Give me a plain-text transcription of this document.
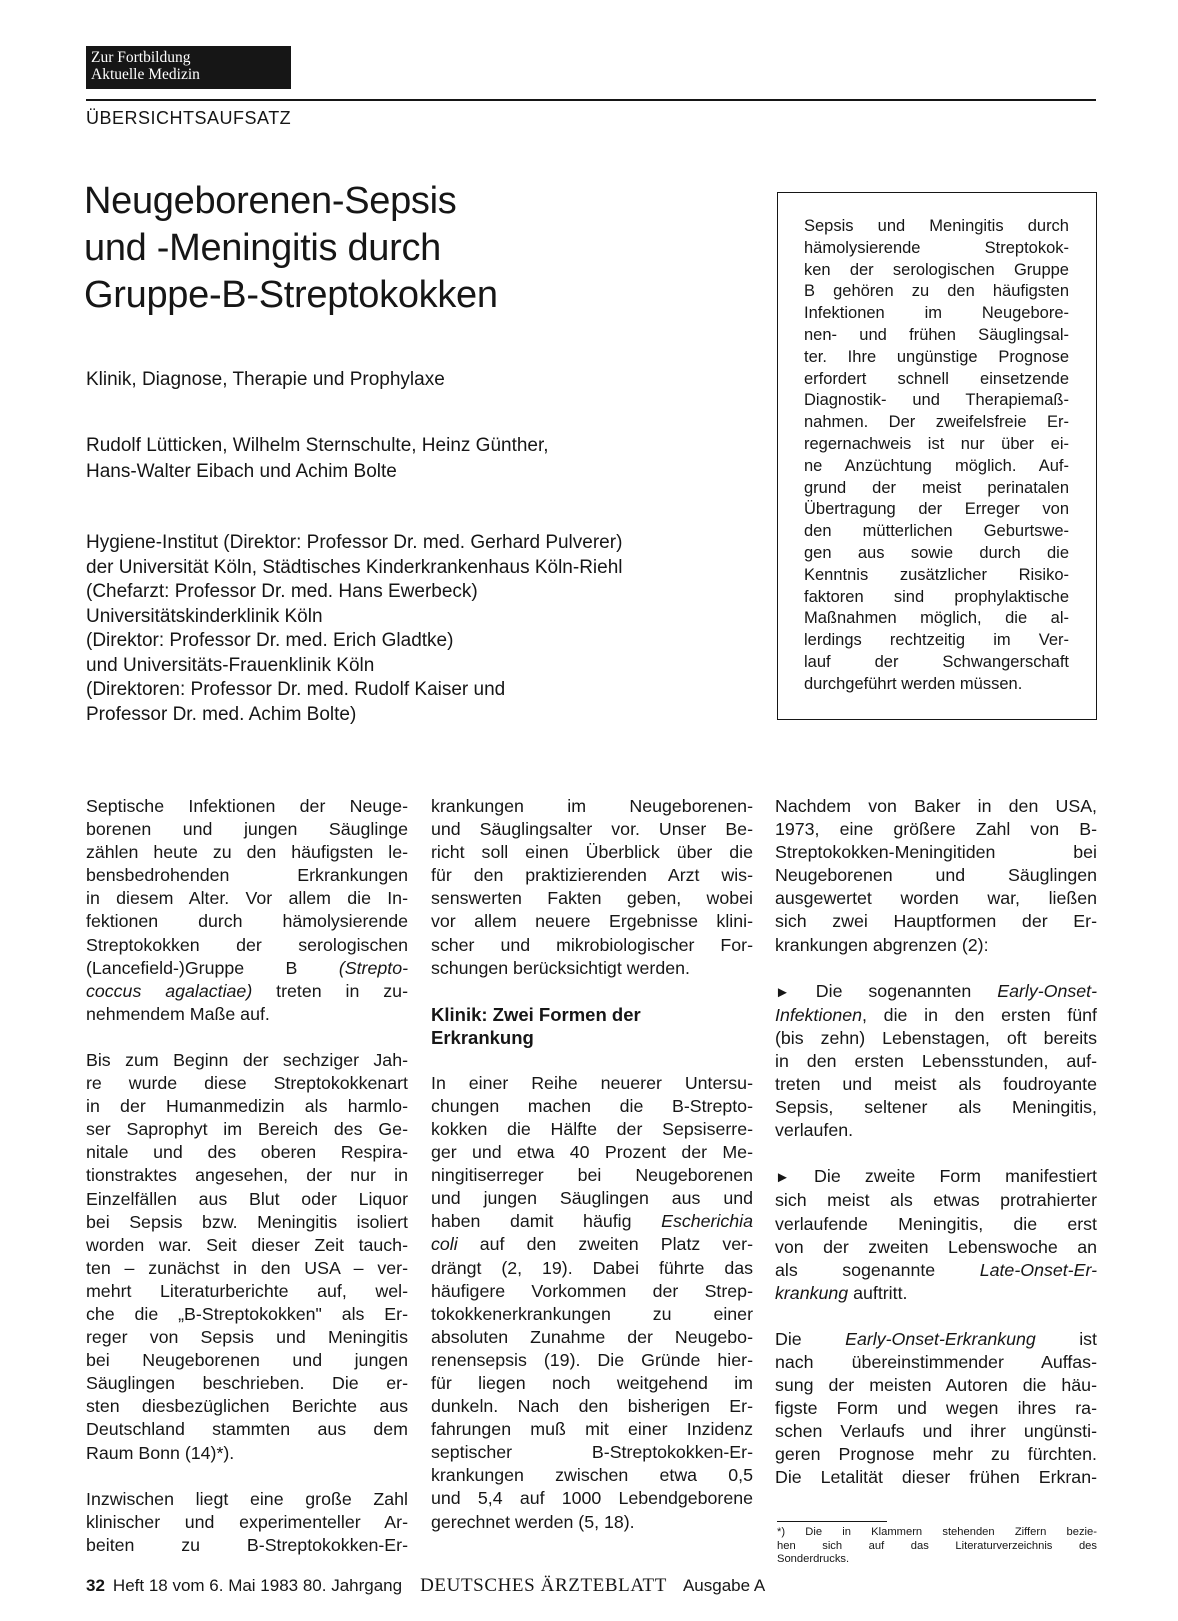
Zur Fortbildung
Aktuelle Medizin
ÜBERSICHTSAUFSATZ
Neugeborenen-Sepsis
und -Meningitis durch
Gruppe-B-Streptokokken
Klinik, Diagnose, Therapie und Prophylaxe
Rudolf Lütticken, Wilhelm Sternschulte, Heinz Günther,
Hans-Walter Eibach und Achim Bolte
Hygiene-Institut (Direktor: Professor Dr. med. Gerhard Pulverer)
der Universität Köln, Städtisches Kinderkrankenhaus Köln-Riehl
(Chefarzt: Professor Dr. med. Hans Ewerbeck)
Universitätskinderklinik Köln
(Direktor: Professor Dr. med. Erich Gladtke)
und Universitäts-Frauenklinik Köln
(Direktoren: Professor Dr. med. Rudolf Kaiser und
Professor Dr. med. Achim Bolte)
Sepsis und Meningitis durch
hämolysierende Streptokok-
ken der serologischen Gruppe
B gehören zu den häufigsten
Infektionen im Neugebore-
nen- und frühen Säuglingsal-
ter. Ihre ungünstige Prognose
erfordert schnell einsetzende
Diagnostik- und Therapiemaß-
nahmen. Der zweifelsfreie Er-
regernachweis ist nur über ei-
ne Anzüchtung möglich. Auf-
grund der meist perinatalen
Übertragung der Erreger von
den mütterlichen Geburtswe-
gen aus sowie durch die
Kenntnis zusätzlicher Risiko-
faktoren sind prophylaktische
Maßnahmen möglich, die al-
lerdings rechtzeitig im Ver-
lauf der Schwangerschaft
durchgeführt werden müssen.
Septische Infektionen der Neuge-
borenen und jungen Säuglinge
zählen heute zu den häufigsten le-
bensbedrohenden Erkrankungen
in diesem Alter. Vor allem die In-
fektionen durch hämolysierende
Streptokokken der serologischen
(Lancefield-)Gruppe B (Strepto-
coccus agalactiae) treten in zu-
nehmendem Maße auf.
Bis zum Beginn der sechziger Jah-
re wurde diese Streptokokkenart
in der Humanmedizin als harmlo-
ser Saprophyt im Bereich des Ge-
nitale und des oberen Respira-
tionstraktes angesehen, der nur in
Einzelfällen aus Blut oder Liquor
bei Sepsis bzw. Meningitis isoliert
worden war. Seit dieser Zeit tauch-
ten – zunächst in den USA – ver-
mehrt Literaturberichte auf, wel-
che die „B-Streptokokken" als Er-
reger von Sepsis und Meningitis
bei Neugeborenen und jungen
Säuglingen beschrieben. Die er-
sten diesbezüglichen Berichte aus
Deutschland stammten aus dem
Raum Bonn (14)*).
Inzwischen liegt eine große Zahl
klinischer und experimenteller Ar-
beiten zu B-Streptokokken-Er-
krankungen im Neugeborenen-
und Säuglingsalter vor. Unser Be-
richt soll einen Überblick über die
für den praktizierenden Arzt wis-
senswerten Fakten geben, wobei
vor allem neuere Ergebnisse klini-
scher und mikrobiologischer For-
schungen berücksichtigt werden.
Klinik: Zwei Formen der
Erkrankung
In einer Reihe neuerer Untersu-
chungen machen die B-Strepto-
kokken die Hälfte der Sepsiserre-
ger und etwa 40 Prozent der Me-
ningitiserreger bei Neugeborenen
und jungen Säuglingen aus und
haben damit häufig Escherichia
coli auf den zweiten Platz ver-
drängt (2, 19). Dabei führte das
häufigere Vorkommen der Strep-
tokokkenerkrankungen zu einer
absoluten Zunahme der Neugebo-
renensepsis (19). Die Gründe hier-
für liegen noch weitgehend im
dunkeln. Nach den bisherigen Er-
fahrungen muß mit einer Inzidenz
septischer B-Streptokokken-Er-
krankungen zwischen etwa 0,5
und 5,4 auf 1000 Lebendgeborene
gerechnet werden (5, 18).
Nachdem von Baker in den USA,
1973, eine größere Zahl von B-
Streptokokken-Meningitiden bei
Neugeborenen und Säuglingen
ausgewertet worden war, ließen
sich zwei Hauptformen der Er-
krankungen abgrenzen (2):
► Die sogenannten Early-Onset-
Infektionen, die in den ersten fünf
(bis zehn) Lebenstagen, oft bereits
in den ersten Lebensstunden, auf-
treten und meist als foudroyante
Sepsis, seltener als Meningitis,
verlaufen.
► Die zweite Form manifestiert
sich meist als etwas protrahierter
verlaufende Meningitis, die erst
von der zweiten Lebenswoche an
als sogenannte Late-Onset-Er-
krankung auftritt.
Die Early-Onset-Erkrankung ist
nach übereinstimmender Auffas-
sung der meisten Autoren die häu-
figste Form und wegen ihres ra-
schen Verlaufs und ihrer ungünsti-
geren Prognose mehr zu fürchten.
Die Letalität dieser frühen Erkran-
*) Die in Klammern stehenden Ziffern bezie-
hen sich auf das Literaturverzeichnis des
Sonderdrucks.
32 Heft 18 vom 6. Mai 1983 80. Jahrgang DEUTSCHES ÄRZTEBLATT Ausgabe A
